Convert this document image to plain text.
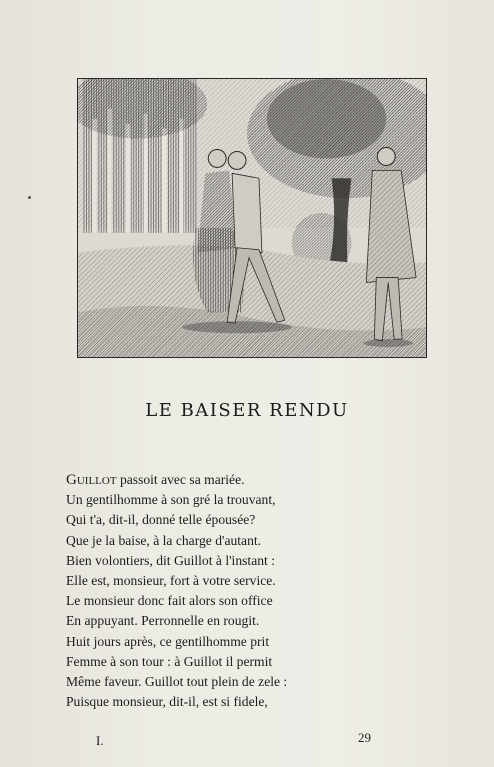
LE BAISER RENDU
Guillot passoit avec sa mariée.
Un gentilhomme à son gré la trouvant,
Qui t'a, dit-il, donné telle épousée?
Que je la baise, à la charge d'autant.
Bien volontiers, dit Guillot à l'instant :
Elle est, monsieur, fort à votre service.
Le monsieur donc fait alors son office
En appuyant. Perronnelle en rougit.
Huit jours après, ce gentilhomme prit
Femme à son tour : à Guillot il permit
Même faveur. Guillot tout plein de zele :
Puisque monsieur, dit-il, est si fidele,
I.	29
